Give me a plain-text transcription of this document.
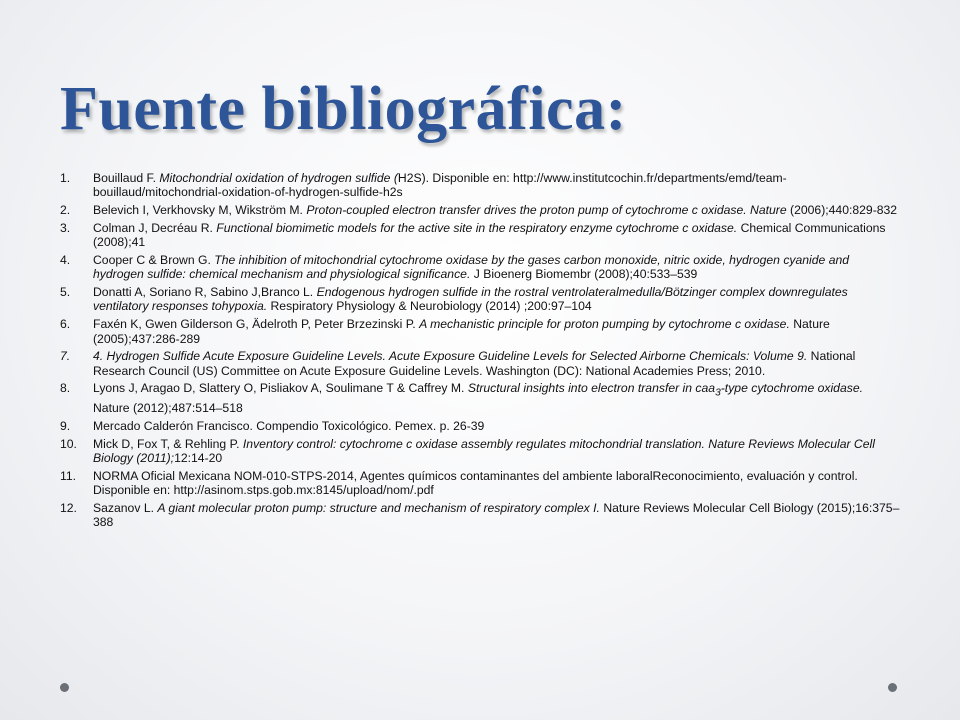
Fuente bibliográfica:
1. Bouillaud F. Mitochondrial oxidation of hydrogen sulfide (H2S). Disponible en: http://www.institutcochin.fr/departments/emd/team-bouillaud/mitochondrial-oxidation-of-hydrogen-sulfide-h2s
2. Belevich I, Verkhovsky M, Wikström M. Proton-coupled electron transfer drives the proton pump of cytochrome c oxidase. Nature (2006);440:829-832
3. Colman J, Decréau R. Functional biomimetic models for the active site in the respiratory enzyme cytochrome c oxidase. Chemical Communications (2008);41
4. Cooper C & Brown G. The inhibition of mitochondrial cytochrome oxidase by the gases carbon monoxide, nitric oxide, hydrogen cyanide and hydrogen sulfide: chemical mechanism and physiological significance. J Bioenerg Biomembr (2008);40:533–539
5. Donatti A, Soriano R, Sabino J,Branco L. Endogenous hydrogen sulfide in the rostral ventrolateralmedulla/Bötzinger complex downregulates ventilatory responses tohypoxia. Respiratory Physiology & Neurobiology (2014) ;200:97–104
6. Faxén K, Gwen Gilderson G, Ädelroth P, Peter Brzezinski P. A mechanistic principle for proton pumping by cytochrome c oxidase. Nature (2005);437:286-289
7. 4. Hydrogen Sulfide Acute Exposure Guideline Levels. Acute Exposure Guideline Levels for Selected Airborne Chemicals: Volume 9. National Research Council (US) Committee on Acute Exposure Guideline Levels. Washington (DC): National Academies Press; 2010.
8. Lyons J, Aragao D, Slattery O, Pisliakov A, Soulimane T & Caffrey M. Structural insights into electron transfer in caa$_3$-type cytochrome oxidase. Nature (2012);487:514–518
9. Mercado Calderón Francisco. Compendio Toxicológico. Pemex. p. 26-39
10. Mick D, Fox T, & Rehling P. Inventory control: cytochrome c oxidase assembly regulates mitochondrial translation. Nature Reviews Molecular Cell Biology (2011);12:14-20
11. NORMA Oficial Mexicana NOM-010-STPS-2014, Agentes químicos contaminantes del ambiente laboralReconocimiento, evaluación y control. Disponible en: http://asinom.stps.gob.mx:8145/upload/nom/.pdf
12. Sazanov L. A giant molecular proton pump: structure and mechanism of respiratory complex I. Nature Reviews Molecular Cell Biology (2015);16:375–388
